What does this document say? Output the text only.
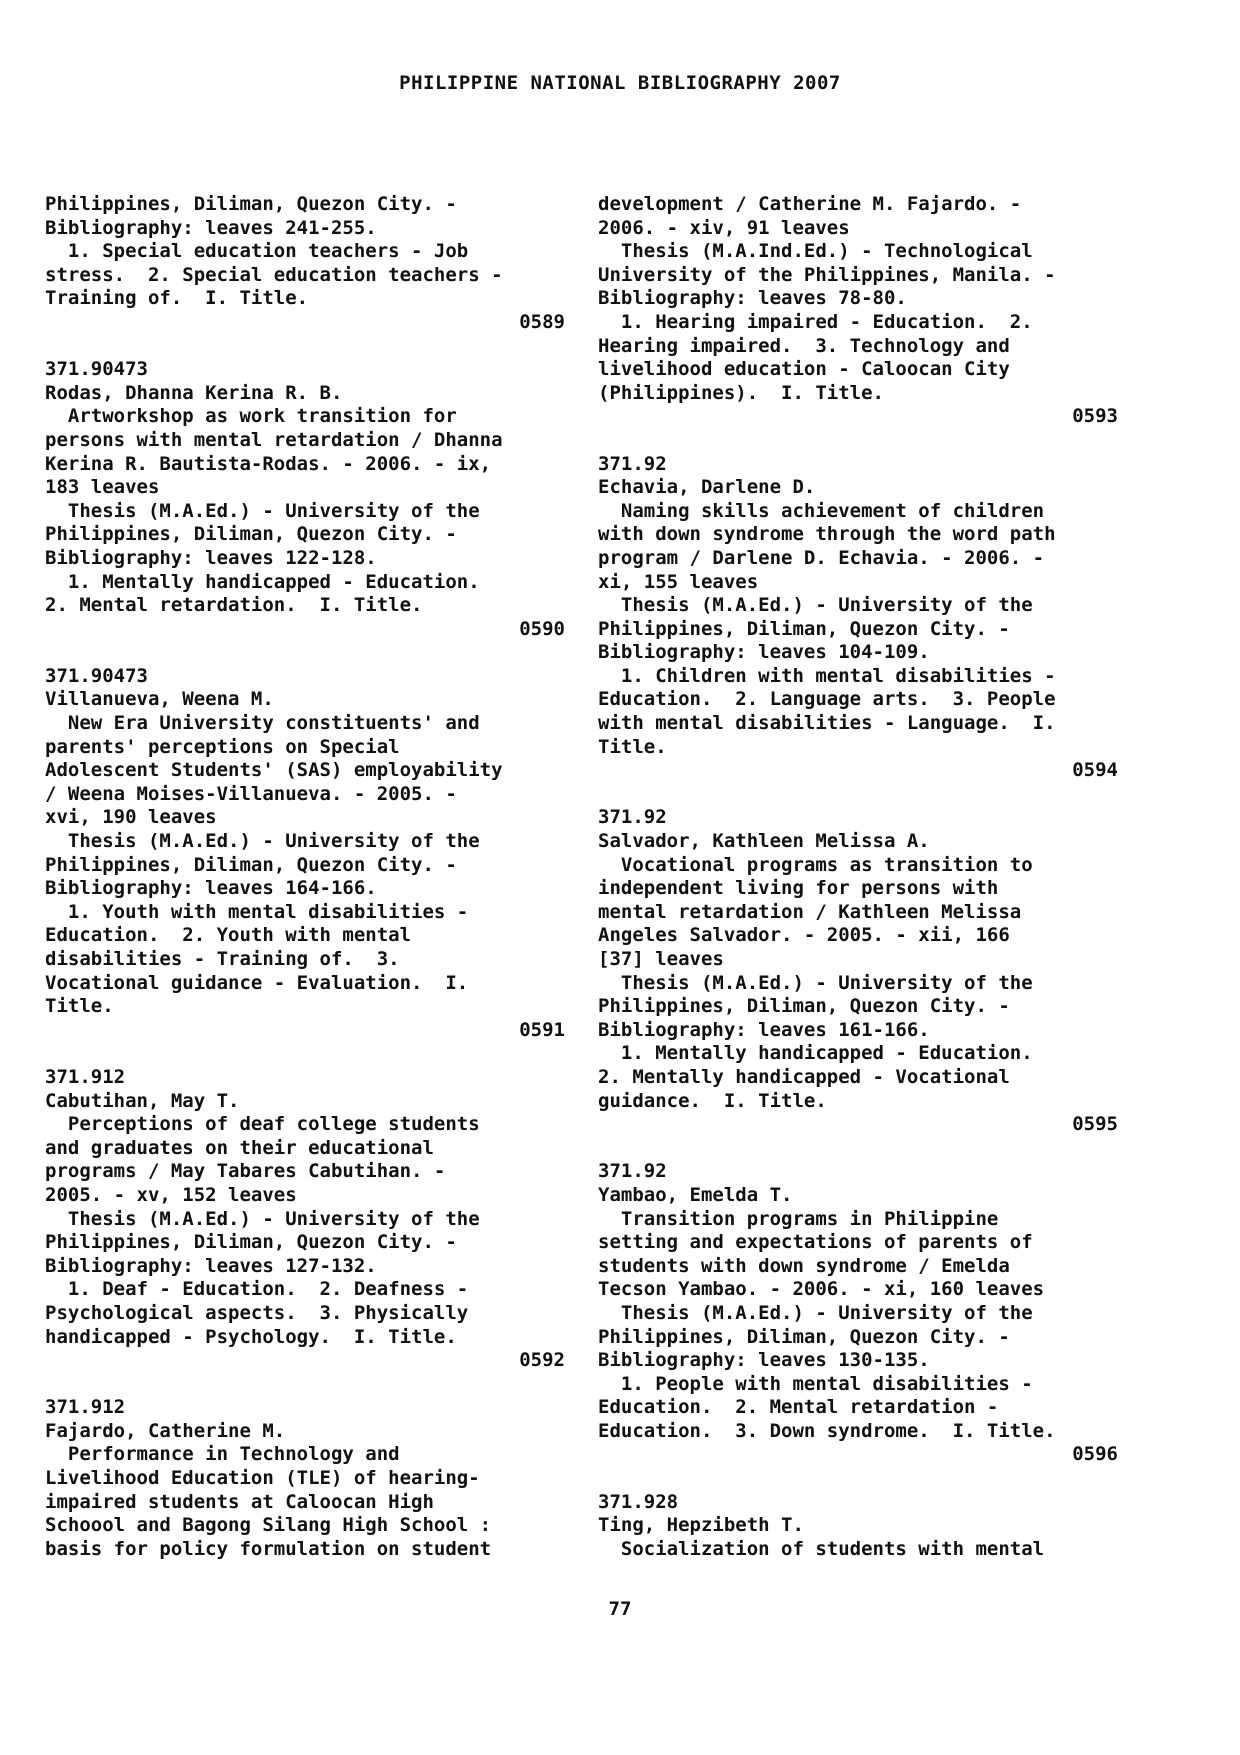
PHILIPPINE NATIONAL BIBLIOGRAPHY 2007
Philippines, Diliman, Quezon City. -
Bibliography: leaves 241-255.
1. Special education teachers - Job
stress.  2. Special education teachers -
Training of.  I. Title.
0589
371.90473
Rodas, Dhanna Kerina R. B.
Artworkshop as work transition for
persons with mental retardation / Dhanna
Kerina R. Bautista-Rodas. - 2006. - ix,
183 leaves
Thesis (M.A.Ed.) - University of the
Philippines, Diliman, Quezon City. -
Bibliography: leaves 122-128.
1. Mentally handicapped - Education.
2. Mental retardation.  I. Title.
0590
371.90473
Villanueva, Weena M.
New Era University constituents' and
parents' perceptions on Special
Adolescent Students' (SAS) employability
/ Weena Moises-Villanueva. - 2005. -
xvi, 190 leaves
Thesis (M.A.Ed.) - University of the
Philippines, Diliman, Quezon City. -
Bibliography: leaves 164-166.
1. Youth with mental disabilities -
Education.  2. Youth with mental
disabilities - Training of.  3.
Vocational guidance - Evaluation.  I.
Title.
0591
371.912
Cabutihan, May T.
Perceptions of deaf college students
and graduates on their educational
programs / May Tabares Cabutihan. -
2005. - xv, 152 leaves
Thesis (M.A.Ed.) - University of the
Philippines, Diliman, Quezon City. -
Bibliography: leaves 127-132.
1. Deaf - Education.  2. Deafness -
Psychological aspects.  3. Physically
handicapped - Psychology.  I. Title.
0592
371.912
Fajardo, Catherine M.
Performance in Technology and
Livelihood Education (TLE) of hearing-
impaired students at Caloocan High
Schoool and Bagong Silang High School :
basis for policy formulation on student
development / Catherine M. Fajardo. -
2006. - xiv, 91 leaves
Thesis (M.A.Ind.Ed.) - Technological
University of the Philippines, Manila. -
Bibliography: leaves 78-80.
1. Hearing impaired - Education.  2.
Hearing impaired.  3. Technology and
livelihood education - Caloocan City
(Philippines).  I. Title.
0593
371.92
Echavia, Darlene D.
Naming skills achievement of children
with down syndrome through the word path
program / Darlene D. Echavia. - 2006. -
xi, 155 leaves
Thesis (M.A.Ed.) - University of the
Philippines, Diliman, Quezon City. -
Bibliography: leaves 104-109.
1. Children with mental disabilities -
Education.  2. Language arts.  3. People
with mental disabilities - Language.  I.
Title.
0594
371.92
Salvador, Kathleen Melissa A.
Vocational programs as transition to
independent living for persons with
mental retardation / Kathleen Melissa
Angeles Salvador. - 2005. - xii, 166
[37] leaves
Thesis (M.A.Ed.) - University of the
Philippines, Diliman, Quezon City. -
Bibliography: leaves 161-166.
1. Mentally handicapped - Education.
2. Mentally handicapped - Vocational
guidance.  I. Title.
0595
371.92
Yambao, Emelda T.
Transition programs in Philippine
setting and expectations of parents of
students with down syndrome / Emelda
Tecson Yambao. - 2006. - xi, 160 leaves
Thesis (M.A.Ed.) - University of the
Philippines, Diliman, Quezon City. -
Bibliography: leaves 130-135.
1. People with mental disabilities -
Education.  2. Mental retardation -
Education.  3. Down syndrome.  I. Title.
0596
371.928
Ting, Hepzibeth T.
Socialization of students with mental
77
